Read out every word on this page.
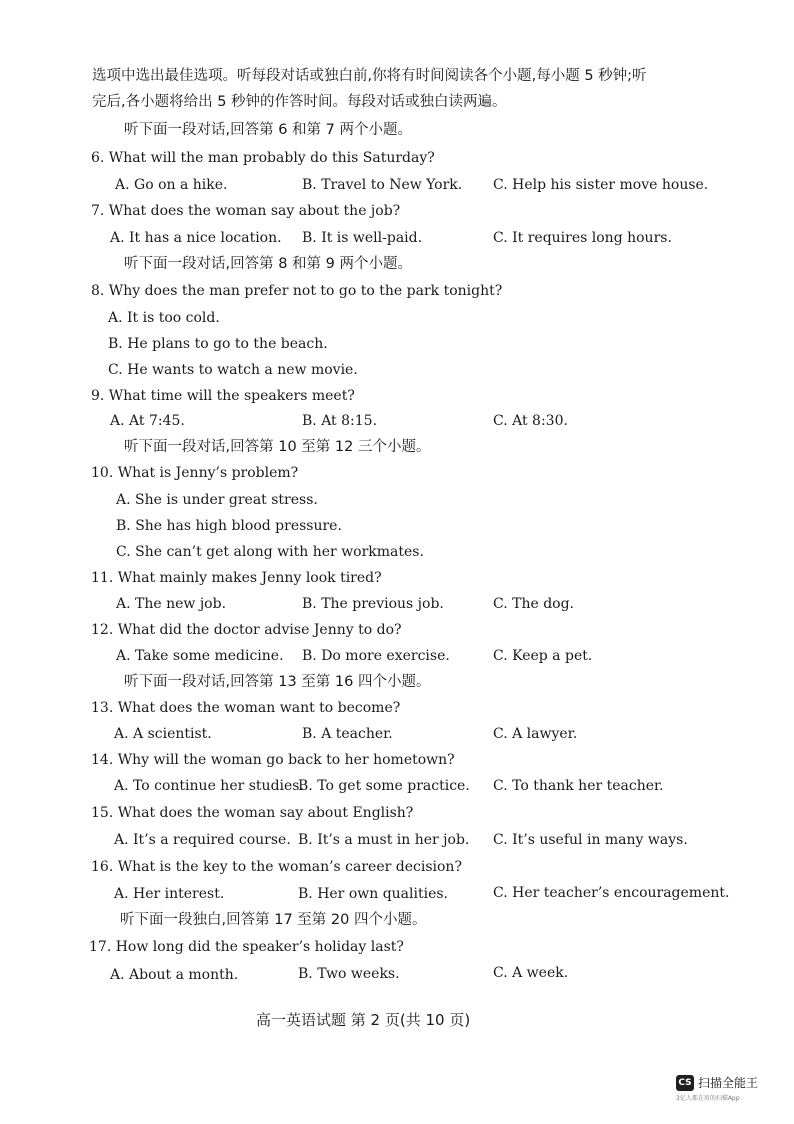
选项中选出最佳选项。听每段对话或独白前,你将有时间阅读各个小题,每小题 5 秒钟;听
完后,各小题将给出 5 秒钟的作答时间。每段对话或独白读两遍。
听下面一段对话,回答第 6 和第 7 两个小题。
6. What will the man probably do this Saturday?
A. Go on a hike.	B. Travel to New York. C. Help his sister move house.
7. What does the woman say about the job?
A. It has a nice location. B. It is well-paid.	C. It requires long hours.
听下面一段对话,回答第 8 和第 9 两个小题。
8. Why does the man prefer not to go to the park tonight?
A. It is too cold.
B. He plans to go to the beach.
C. He wants to watch a new movie.
9. What time will the speakers meet?
A. At 7:45.	B. At 8:15.	C. At 8:30.
听下面一段对话,回答第 10 至第 12 三个小题。
10. What is Jenny’s problem?
A. She is under great stress.
B. She has high blood pressure.
C. She can’t get along with her workmates.
11. What mainly makes Jenny look tired?
A. The new job.	B. The previous job.	C. The dog.
12. What did the doctor advise Jenny to do?
A. Take some medicine. B. Do more exercise.	C. Keep a pet.
听下面一段对话,回答第 13 至第 16 四个小题。
13. What does the woman want to become?
A. A scientist.	B. A teacher.	C. A lawyer.
14. Why will the woman go back to her hometown?
A. To continue her studies.
B. To get some practice. C. To thank her teacher.
15. What does the woman say about English?
A. It’s a required course. B. It’s a must in her job. C. It’s useful in many ways.
16. What is the key to the woman’s career decision?
A. Her interest.	B. Her own qualities.	C. Her teacher’s encouragement.
听下面一段独白,回答第 17 至第 20 四个小题。
17. How long did the speaker’s holiday last?
A. About a month.	B. Two weeks.	C. A week.
高一英语试题 第 2 页(共 10 页)
CS 扫描全能王
3亿人都在用的扫描App
